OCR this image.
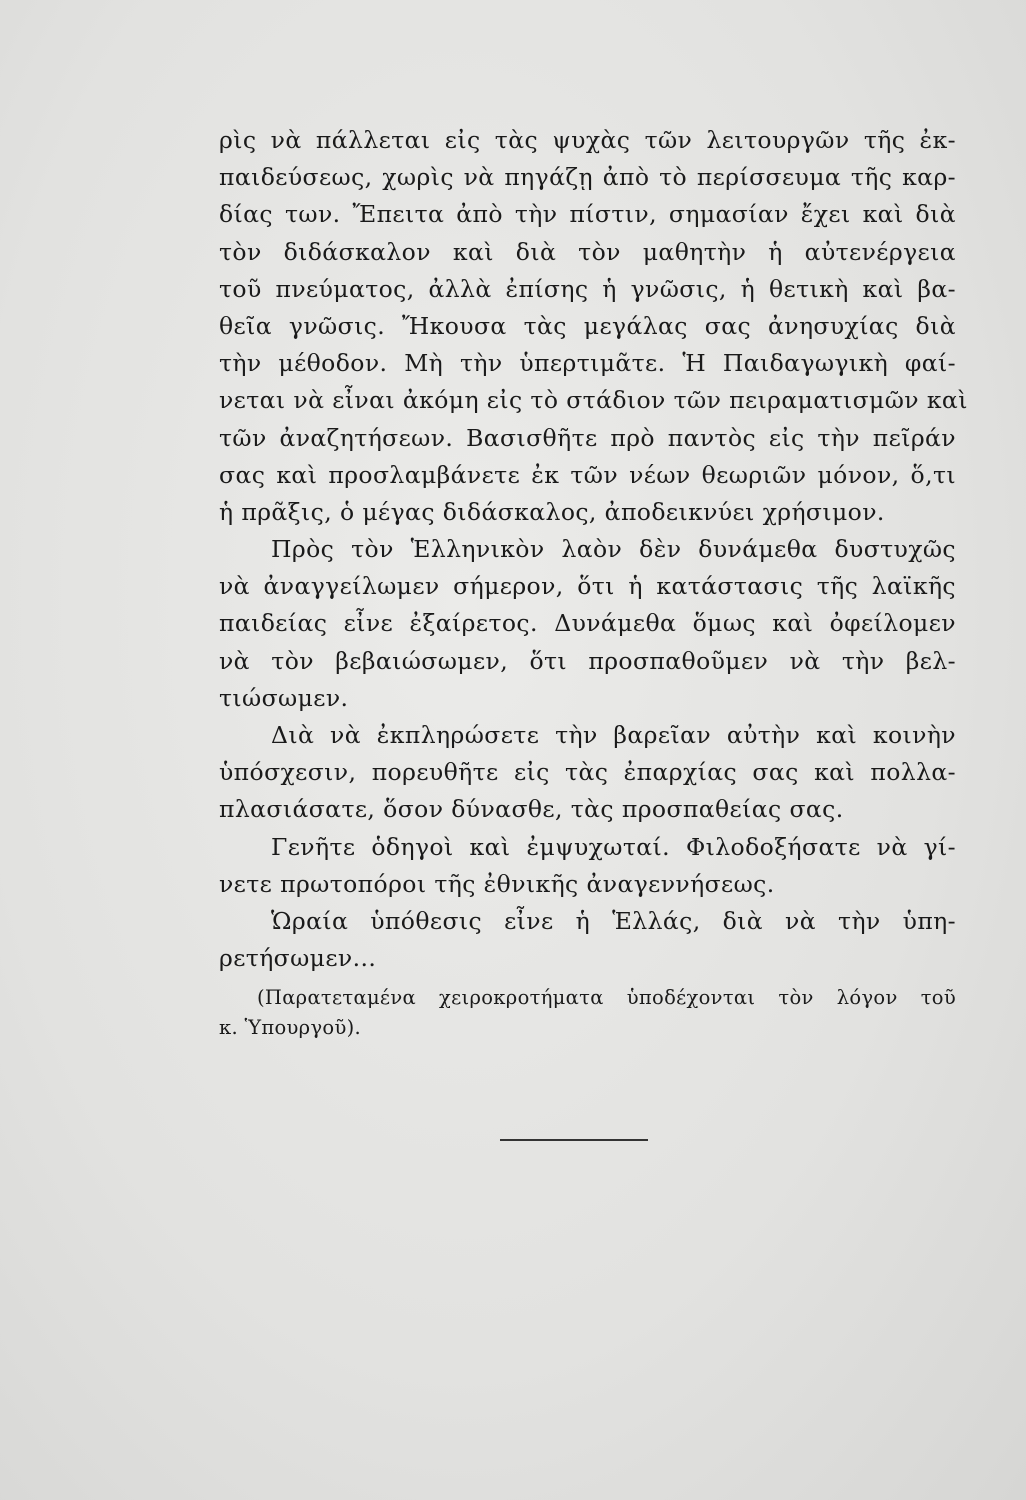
ρὶς νὰ πάλλεται εἰς τὰς ψυχὰς τῶν λειτουργῶν τῆς ἐκ-
παιδεύσεως, χωρὶς νὰ πηγάζῃ ἀπὸ τὸ περίσσευμα τῆς καρ-
δίας των. Ἔπειτα ἀπὸ τὴν πίστιν, σημασίαν ἔχει καὶ διὰ
τὸν διδάσκαλον καὶ διὰ τὸν μαθητὴν ἡ αὐτενέργεια
τοῦ πνεύματος, ἀλλὰ ἐπίσης ἡ γνῶσις, ἡ θετικὴ καὶ βα-
θεῖα γνῶσις. Ἤκουσα τὰς μεγάλας σας ἀνησυχίας διὰ
τὴν μέθοδον. Μὴ τὴν ὑπερτιμᾶτε. Ἡ Παιδαγωγικὴ φαί-
νεται νὰ εἶναι ἀκόμη εἰς τὸ στάδιον τῶν πειραματισμῶν καὶ
τῶν ἀναζητήσεων. Βασισθῆτε πρὸ παντὸς εἰς τὴν πεῖράν
σας καὶ προσλαμβάνετε ἐκ τῶν νέων θεωριῶν μόνον, ὅ,τι
ἡ πρᾶξις, ὁ μέγας διδάσκαλος, ἀποδεικνύει χρήσιμον.
Πρὸς τὸν Ἑλληνικὸν λαὸν δὲν δυνάμεθα δυστυχῶς
νὰ ἀναγγείλωμεν σήμερον, ὅτι ἡ κατάστασις τῆς λαϊκῆς
παιδείας εἶνε ἐξαίρετος. Δυνάμεθα ὅμως καὶ ὀφείλομεν
νὰ τὸν βεβαιώσωμεν, ὅτι προσπαθοῦμεν νὰ τὴν βελ-
τιώσωμεν.
Διὰ νὰ ἐκπληρώσετε τὴν βαρεῖαν αὐτὴν καὶ κοινὴν
ὑπόσχεσιν, πορευθῆτε εἰς τὰς ἐπαρχίας σας καὶ πολλα-
πλασιάσατε, ὅσον δύνασθε, τὰς προσπαθείας σας.
Γενῆτε ὁδηγοὶ καὶ ἐμψυχωταί. Φιλοδοξήσατε νὰ γί-
νετε πρωτοπόροι τῆς ἐθνικῆς ἀναγεννήσεως.
Ὡραία ὑπόθεσις εἶνε ἡ Ἑλλάς, διὰ νὰ τὴν ὑπη-
ρετήσωμεν...
(Παρατεταμένα χειροκροτήματα ὑποδέχονται τὸν λόγον τοῦ
κ. Ὑπουργοῦ).
